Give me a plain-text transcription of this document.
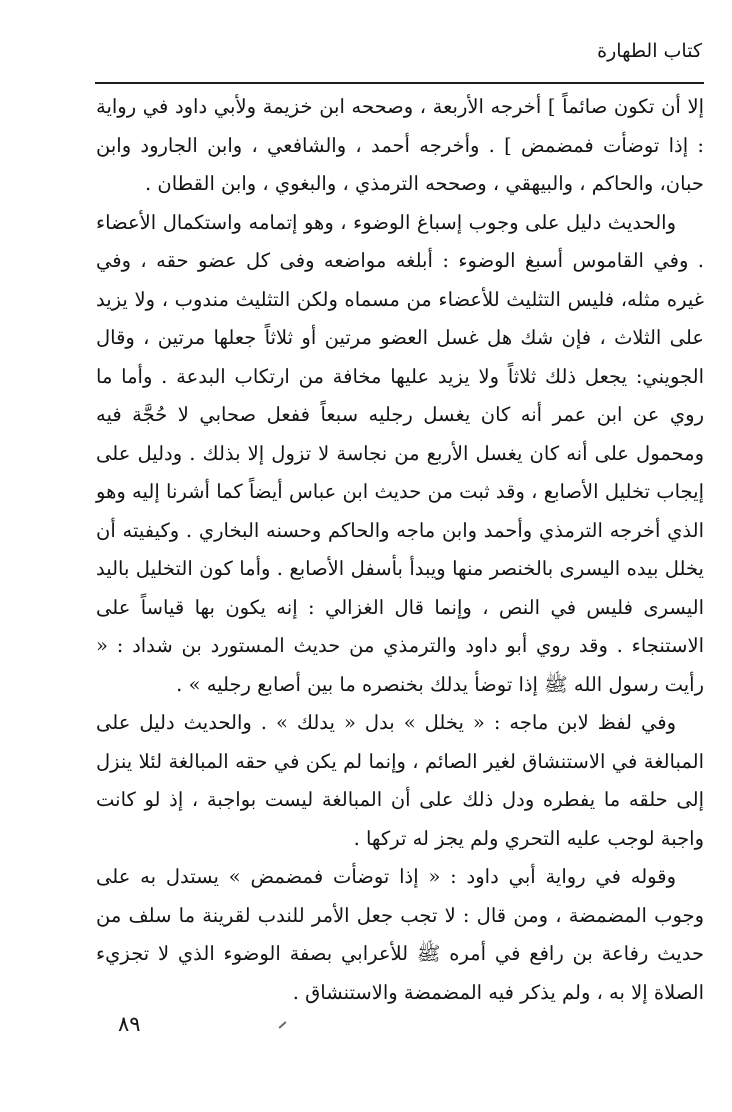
كتاب الطهارة

إلا أن تكون صائماً ] أخرجه الأربعة ، وصححه ابن خزيمة ولأبي داود في رواية : إذا توضأت فمضمض ] . وأخرجه أحمد ، والشافعي ، وابن الجارود وابن حبان، والحاكم ، والبيهقي ، وصححه الترمذي ، والبغوي ، وابن القطان .

والحديث دليل على وجوب إسباغ الوضوء ، وهو إتمامه واستكمال الأعضاء . وفي القاموس أسبغ الوضوء : أبلغه مواضعه وفى كل عضو حقه ، وفي غيره مثله، فليس التثليث للأعضاء من مسماه ولكن التثليث مندوب ، ولا يزيد على الثلاث ، فإن شك هل غسل العضو مرتين أو ثلاثاً جعلها مرتين ، وقال الجويني: يجعل ذلك ثلاثاً ولا يزيد عليها مخافة من ارتكاب البدعة . وأما ما روي عن ابن عمر أنه كان يغسل رجليه سبعاً ففعل صحابي لا حُجَّة فيه ومحمول على أنه كان يغسل الأربع من نجاسة لا تزول إلا بذلك . ودليل على إيجاب تخليل الأصابع ، وقد ثبت من حديث ابن عباس أيضاً كما أشرنا إليه وهو الذي أخرجه الترمذي وأحمد وابن ماجه والحاكم وحسنه البخاري . وكيفيته أن يخلل بيده اليسرى بالخنصر منها ويبدأ بأسفل الأصابع . وأما كون التخليل باليد اليسرى فليس في النص ، وإنما قال الغزالي : إنه يكون بها قياساً على الاستنجاء . وقد روي أبو داود والترمذي من حديث المستورد بن شداد : « رأيت رسول الله ﷺ إذا توضأ يدلك بخنصره ما بين أصابع رجليه » .

وفي لفظ لابن ماجه : « يخلل » بدل « يدلك » . والحديث دليل على المبالغة في الاستنشاق لغير الصائم ، وإنما لم يكن في حقه المبالغة لئلا ينزل إلى حلقه ما يفطره ودل ذلك على أن المبالغة ليست بواجبة ، إذ لو كانت واجبة لوجب عليه التحري ولم يجز له تركها .

وقوله في رواية أبي داود : « إذا توضأت فمضمض » يستدل به على وجوب المضمضة ، ومن قال : لا تجب جعل الأمر للندب لقرينة ما سلف من حديث رفاعة بن رافع في أمره ﷺ للأعرابي بصفة الوضوء الذي لا تجزيء الصلاة إلا به ، ولم يذكر فيه المضمضة والاستنشاق .

٨٩
